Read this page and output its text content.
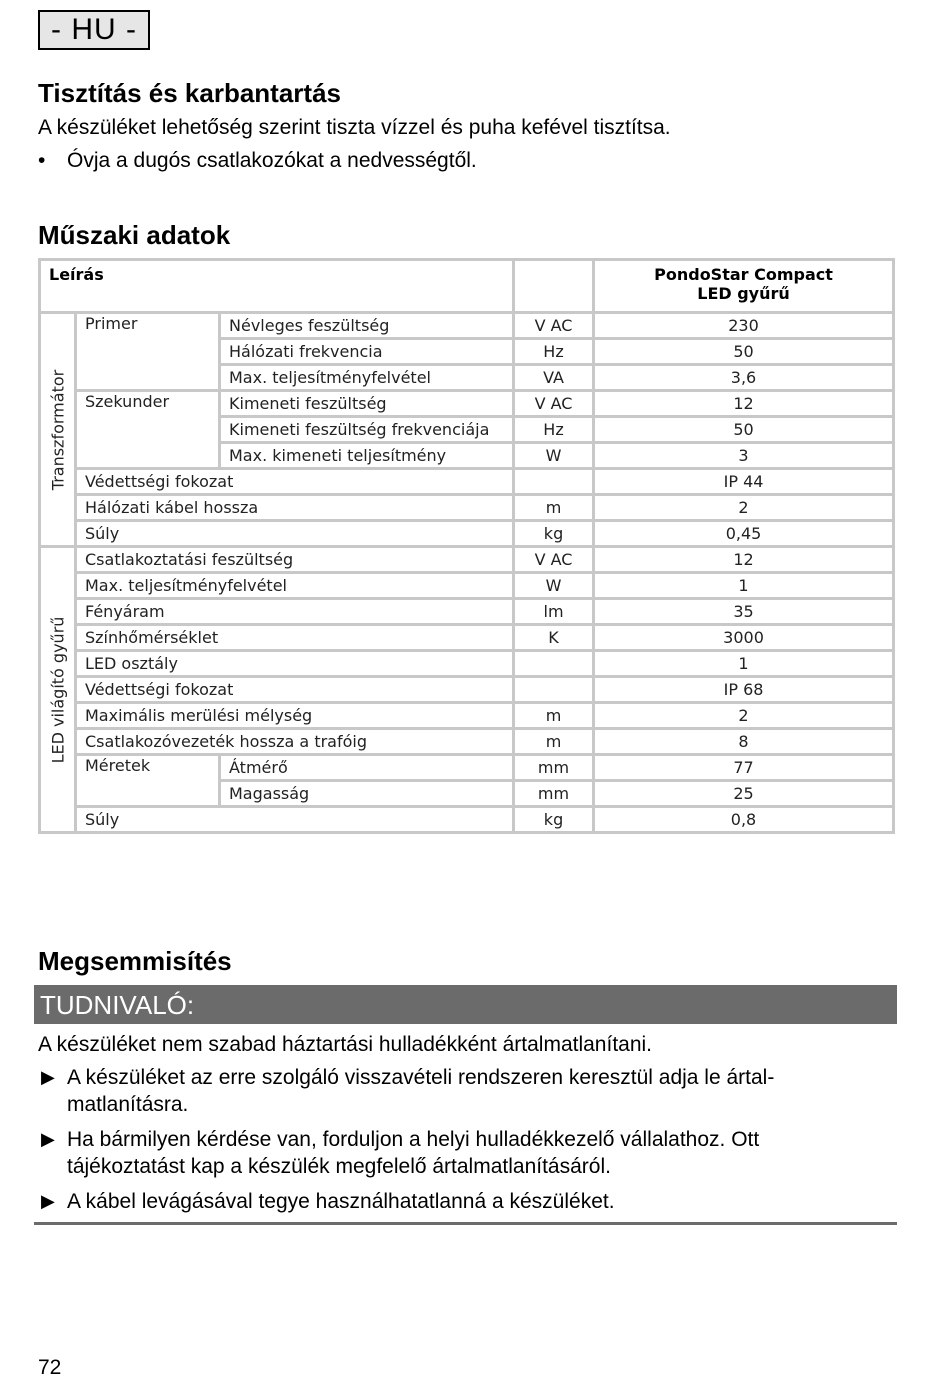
- HU -
Tisztítás és karbantartás

A készüléket lehetőség szerint tiszta vízzel és puha kefével tisztítsa.

• Óvja a dugós csatlakozókat a nedvességtől.
Műszaki adatok
Leírás				PondoStar Compact
LED gyűrű

Transzformátor	Primer	Névleges feszültség	V AC	230
		Hálózati frekvencia	Hz	50
		Max. teljesítményfelvétel	VA	3,6
	Szekunder	Kimeneti feszültség	V AC	12
		Kimeneti feszültség frekvenciája	Hz	50
		Max. kimeneti teljesítmény	W	3
	Védettségi fokozat			IP 44
	Hálózati kábel hossza		m	2
	Súly		kg	0,45

LED világító gyűrű	Csatlakoztatási feszültség		V AC	12
	Max. teljesítményfelvétel		W	1
	Fényáram		lm	35
	Színhőmérséklet		K	3000
	LED osztály			1
	Védettségi fokozat			IP 68
	Maximális merülési mélység		m	2
	Csatlakozóvezeték hossza a trafóig		m	8
	Méretek	Átmérő	mm	77
		Magasság	mm	25
	Súly		kg	0,8
Megsemmisítés
TUDNIVALÓ:

A készüléket nem szabad háztartási hulladékként ártalmatlanítani.

▶ A készüléket az erre szolgáló visszavételi rendszeren keresztül adja le ártal-
matlanításra.
▶ Ha bármilyen kérdése van, forduljon a helyi hulladékkezelő vállalathoz. Ott
tájékoztatást kap a készülék megfelelő ártalmatlanításáról.
▶ A kábel levágásával tegye használhatatlanná a készüléket.
72
